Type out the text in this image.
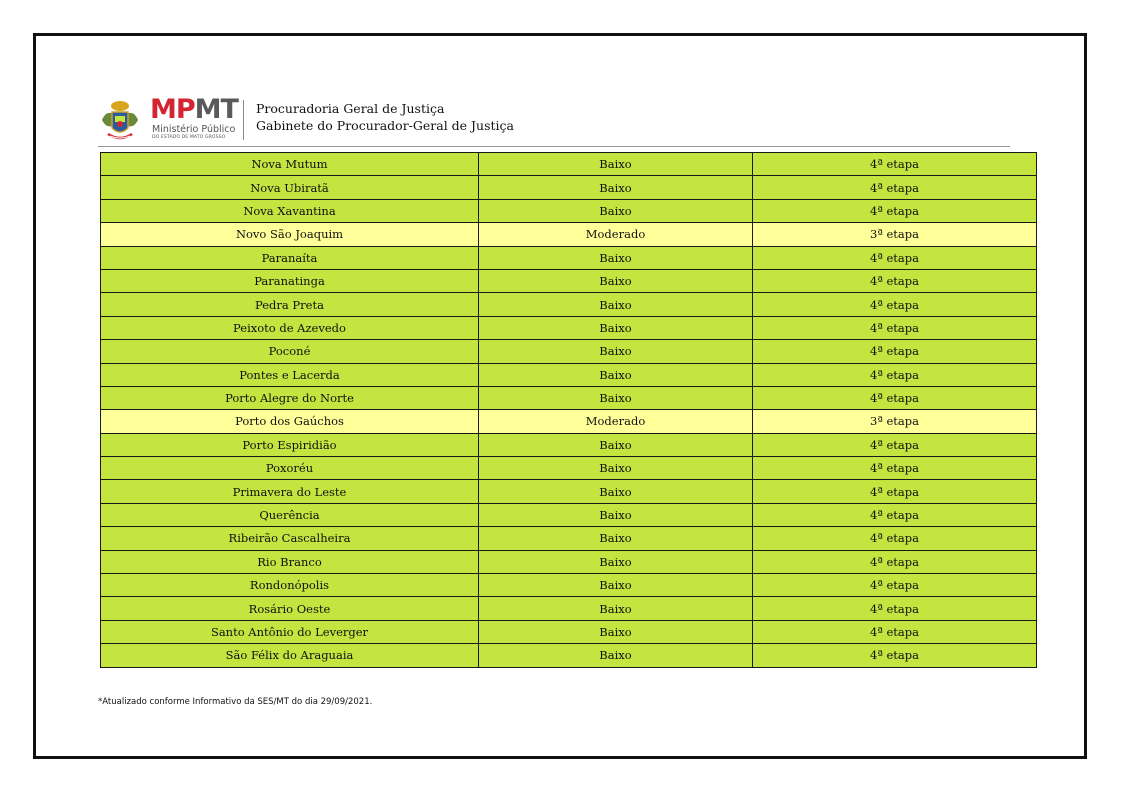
MPMT
Ministério Público
DO ESTADO DE MATO GROSSO
Procuradoria Geral de Justiça
Gabinete do Procurador-Geral de Justiça
Nova Mutum	Baixo	4ª etapa
Nova Ubiratã	Baixo	4ª etapa
Nova Xavantina	Baixo	4ª etapa
Novo São Joaquim	Moderado	3ª etapa
Paranaíta	Baixo	4ª etapa
Paranatinga	Baixo	4ª etapa
Pedra Preta	Baixo	4ª etapa
Peixoto de Azevedo	Baixo	4ª etapa
Poconé	Baixo	4ª etapa
Pontes e Lacerda	Baixo	4ª etapa
Porto Alegre do Norte	Baixo	4ª etapa
Porto dos Gaúchos	Moderado	3ª etapa
Porto Espiridião	Baixo	4ª etapa
Poxoréu	Baixo	4ª etapa
Primavera do Leste	Baixo	4ª etapa
Querência	Baixo	4ª etapa
Ribeirão Cascalheira	Baixo	4ª etapa
Rio Branco	Baixo	4ª etapa
Rondonópolis	Baixo	4ª etapa
Rosário Oeste	Baixo	4ª etapa
Santo Antônio do Leverger	Baixo	4ª etapa
São Félix do Araguaia	Baixo	4ª etapa
*Atualizado conforme Informativo da SES/MT do dia 29/09/2021.
